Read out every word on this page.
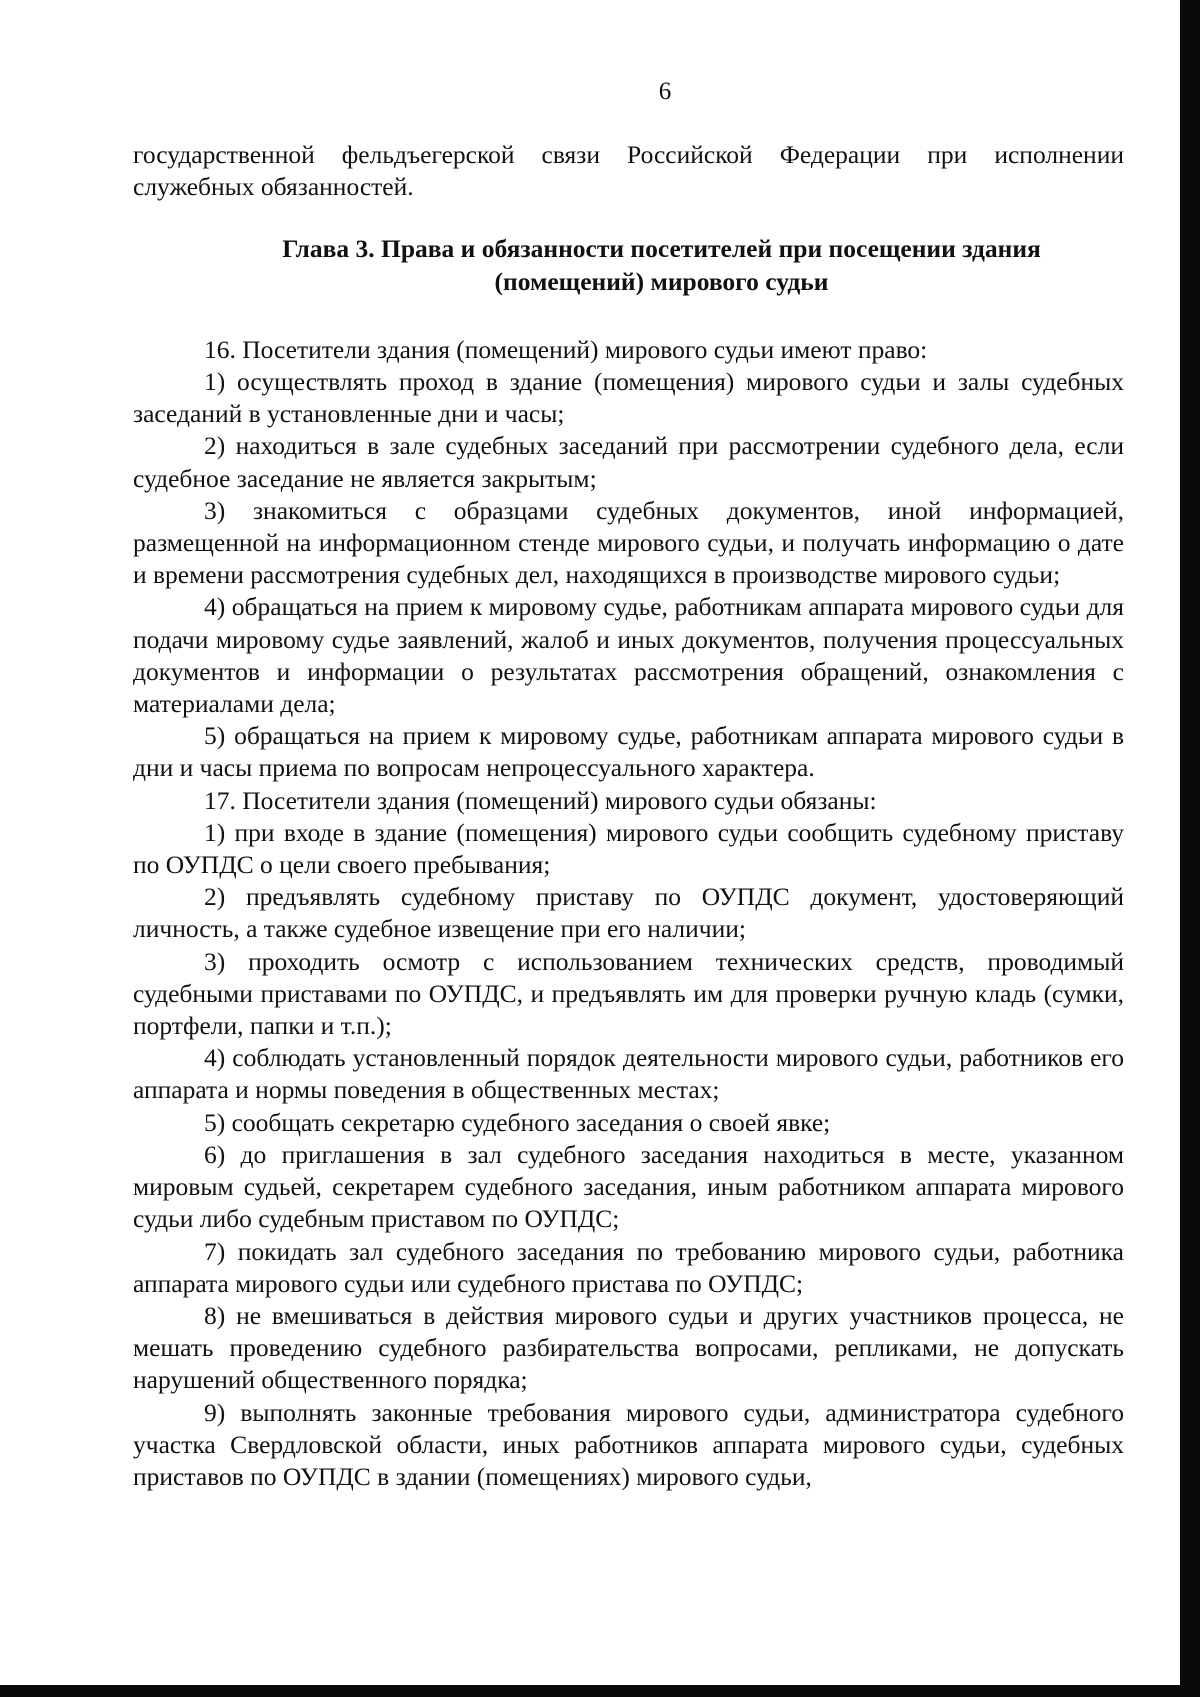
6

государственной фельдъегерской связи Российской Федерации при исполнении служебных обязанностей.

Глава 3. Права и обязанности посетителей при посещении здания
(помещений) мирового судьи

16. Посетители здания (помещений) мирового судьи имеют право:

1) осуществлять проход в здание (помещения) мирового судьи и залы судебных заседаний в установленные дни и часы;

2) находиться в зале судебных заседаний при рассмотрении судебного дела, если судебное заседание не является закрытым;

3) знакомиться с образцами судебных документов, иной информацией, размещенной на информационном стенде мирового судьи, и получать информацию о дате и времени рассмотрения судебных дел, находящихся в производстве мирового судьи;

4) обращаться на прием к мировому судье, работникам аппарата мирового судьи для подачи мировому судье заявлений, жалоб и иных документов, получения процессуальных документов и информации о результатах рассмотрения обращений, ознакомления с материалами дела;

5) обращаться на прием к мировому судье, работникам аппарата мирового судьи в дни и часы приема по вопросам непроцессуального характера.

17. Посетители здания (помещений) мирового судьи обязаны:

1) при входе в здание (помещения) мирового судьи сообщить судебному приставу по ОУПДС о цели своего пребывания;

2) предъявлять судебному приставу по ОУПДС документ, удостоверяющий личность, а также судебное извещение при его наличии;

3) проходить осмотр с использованием технических средств, проводимый судебными приставами по ОУПДС, и предъявлять им для проверки ручную кладь (сумки, портфели, папки и т.п.);

4) соблюдать установленный порядок деятельности мирового судьи, работников его аппарата и нормы поведения в общественных местах;

5) сообщать секретарю судебного заседания о своей явке;

6) до приглашения в зал судебного заседания находиться в месте, указанном мировым судьей, секретарем судебного заседания, иным работником аппарата мирового судьи либо судебным приставом по ОУПДС;

7) покидать зал судебного заседания по требованию мирового судьи, работника аппарата мирового судьи или судебного пристава по ОУПДС;

8) не вмешиваться в действия мирового судьи и других участников процесса, не мешать проведению судебного разбирательства вопросами, репликами, не допускать нарушений общественного порядка;

9) выполнять законные требования мирового судьи, администратора судебного участка Свердловской области, иных работников аппарата мирового судьи, судебных приставов по ОУПДС в здании (помещениях) мирового судьи,
